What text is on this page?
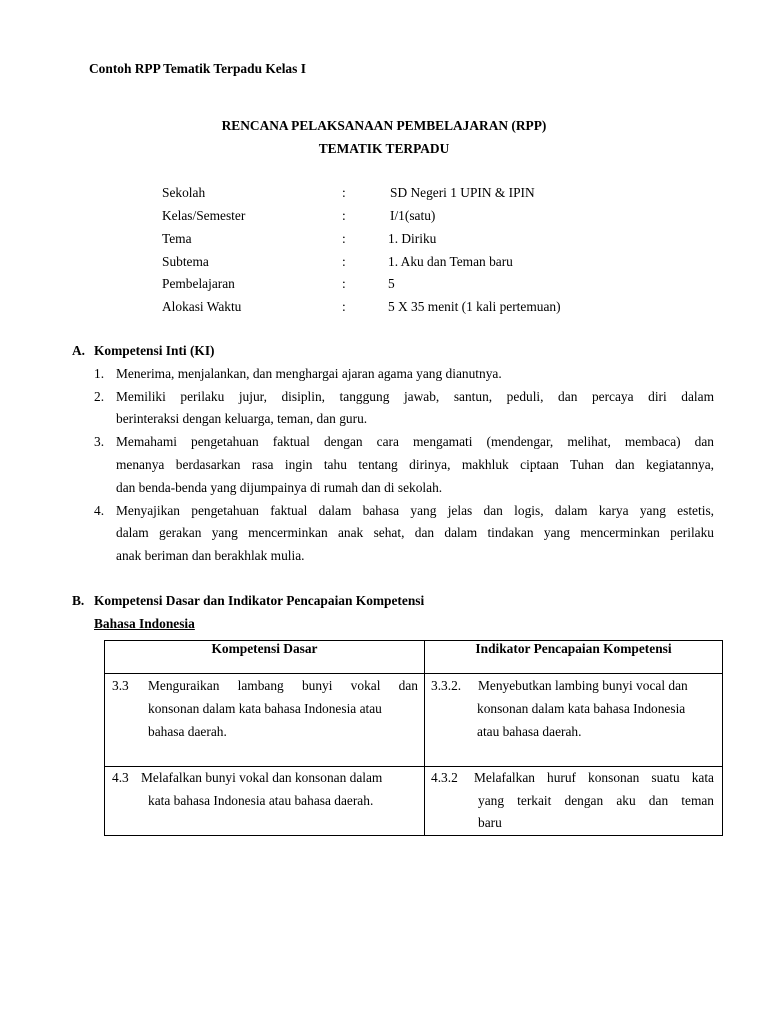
Contoh RPP Tematik Terpadu Kelas I
RENCANA PELAKSANAAN PEMBELAJARAN (RPP)
TEMATIK TERPADU
Sekolah	:	SD Negeri 1 UPIN & IPIN
Kelas/Semester	:	I/1(satu)
Tema	:	1. Diriku
Subtema	:	1. Aku dan Teman baru
Pembelajaran	:	5
Alokasi Waktu	:	5 X 35 menit (1 kali pertemuan)
A. Kompetensi Inti (KI)
1. Menerima, menjalankan, dan menghargai ajaran agama yang dianutnya.
2. Memiliki perilaku jujur, disiplin, tanggung jawab, santun, peduli, dan percaya diri dalam
berinteraksi dengan keluarga, teman, dan guru.
3. Memahami pengetahuan faktual dengan cara mengamati (mendengar, melihat, membaca) dan
menanya berdasarkan rasa ingin tahu tentang dirinya, makhluk ciptaan Tuhan dan kegiatannya,
dan benda-benda yang dijumpainya di rumah dan di sekolah.
4. Menyajikan pengetahuan faktual dalam bahasa yang jelas dan logis, dalam karya yang estetis,
dalam gerakan yang mencerminkan anak sehat, dan dalam tindakan yang mencerminkan perilaku
anak beriman dan berakhlak mulia.
B. Kompetensi Dasar dan Indikator Pencapaian Kompetensi
Bahasa Indonesia
Kompetensi Dasar	Indikator Pencapaian Kompetensi

3.3 Menguraikan lambang bunyi vokal dan
konsonan dalam kata bahasa Indonesia atau
bahasa daerah.	3.3.2. Menyebutkan lambing bunyi vocal dan
konsonan dalam kata bahasa Indonesia
atau bahasa daerah.

4.3 Melafalkan bunyi vokal dan konsonan dalam
kata bahasa Indonesia atau bahasa daerah.	4.3.2 Melafalkan huruf konsonan suatu kata
yang terkait dengan aku dan teman
baru
